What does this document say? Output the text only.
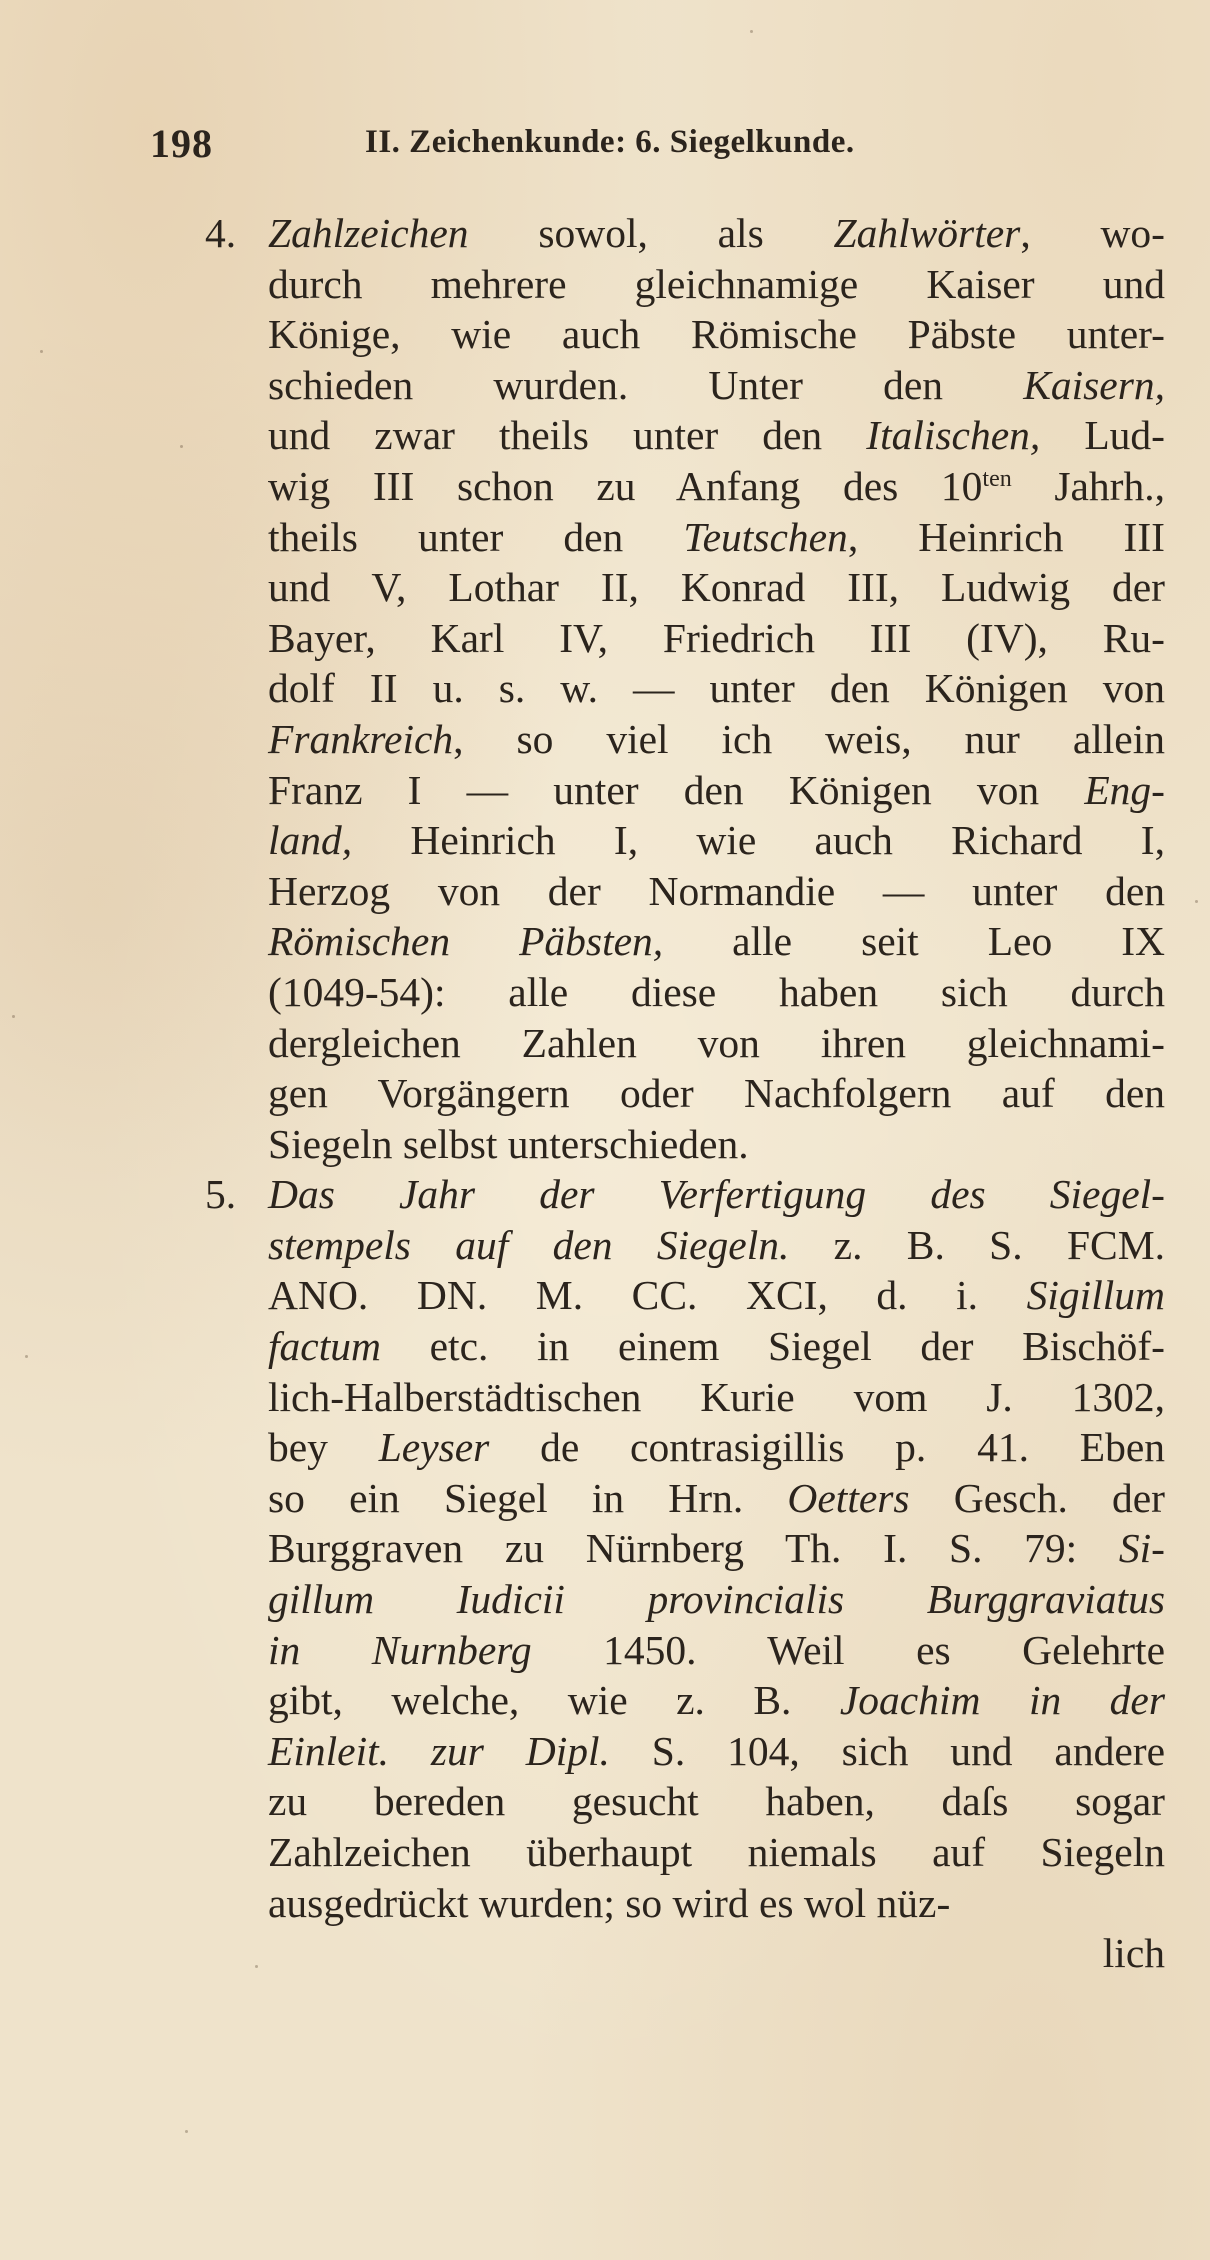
198	II. Zeichenkunde: 6. Siegelkunde.
4. Zahlzeichen sowol, als Zahlwörter, wo-
durch mehrere gleichnamige Kaiser und
Könige, wie auch Römische Päbste unter-
schieden wurden. Unter den Kaisern,
und zwar theils unter den Italischen, Lud-
wig III schon zu Anfang des $10^{ten}$ Jahrh.,
theils unter den Teutschen, Heinrich III
und V, Lothar II, Konrad III, Ludwig der
Bayer, Karl IV, Friedrich III (IV), Ru-
dolf II u. s. w. — unter den Königen von
Frankreich, so viel ich weis, nur allein
Franz I — unter den Königen von Eng-
land, Heinrich I, wie auch Richard I,
Herzog von der Normandie — unter den
Römischen Päbsten, alle seit Leo IX
(1049-54): alle diese haben sich durch
dergleichen Zahlen von ihren gleichnami-
gen Vorgängern oder Nachfolgern auf den
Siegeln selbst unterschieden.
5. Das Jahr der Verfertigung des Siegel-
stempels auf den Siegeln. z. B. S. FCM.
ANO. DN. M. CC. XCI, d. i. Sigillum
factum etc. in einem Siegel der Bischöf-
lich-Halberstädtischen Kurie vom J. 1302,
bey Leyser de contrasigillis p. 41. Eben
so ein Siegel in Hrn. Oetters Gesch. der
Burggraven zu Nürnberg Th. I. S. 79: Si-
gillum Iudicii provincialis Burggraviatus
in Nurnberg 1450. Weil es Gelehrte
gibt, welche, wie z. B. Joachim in der
Einleit. zur Dipl. S. 104, sich und andere
zu bereden gesucht haben, daſs sogar
Zahlzeichen überhaupt niemals auf Siegeln
ausgedrückt wurden; so wird es wol nüz-
lich
